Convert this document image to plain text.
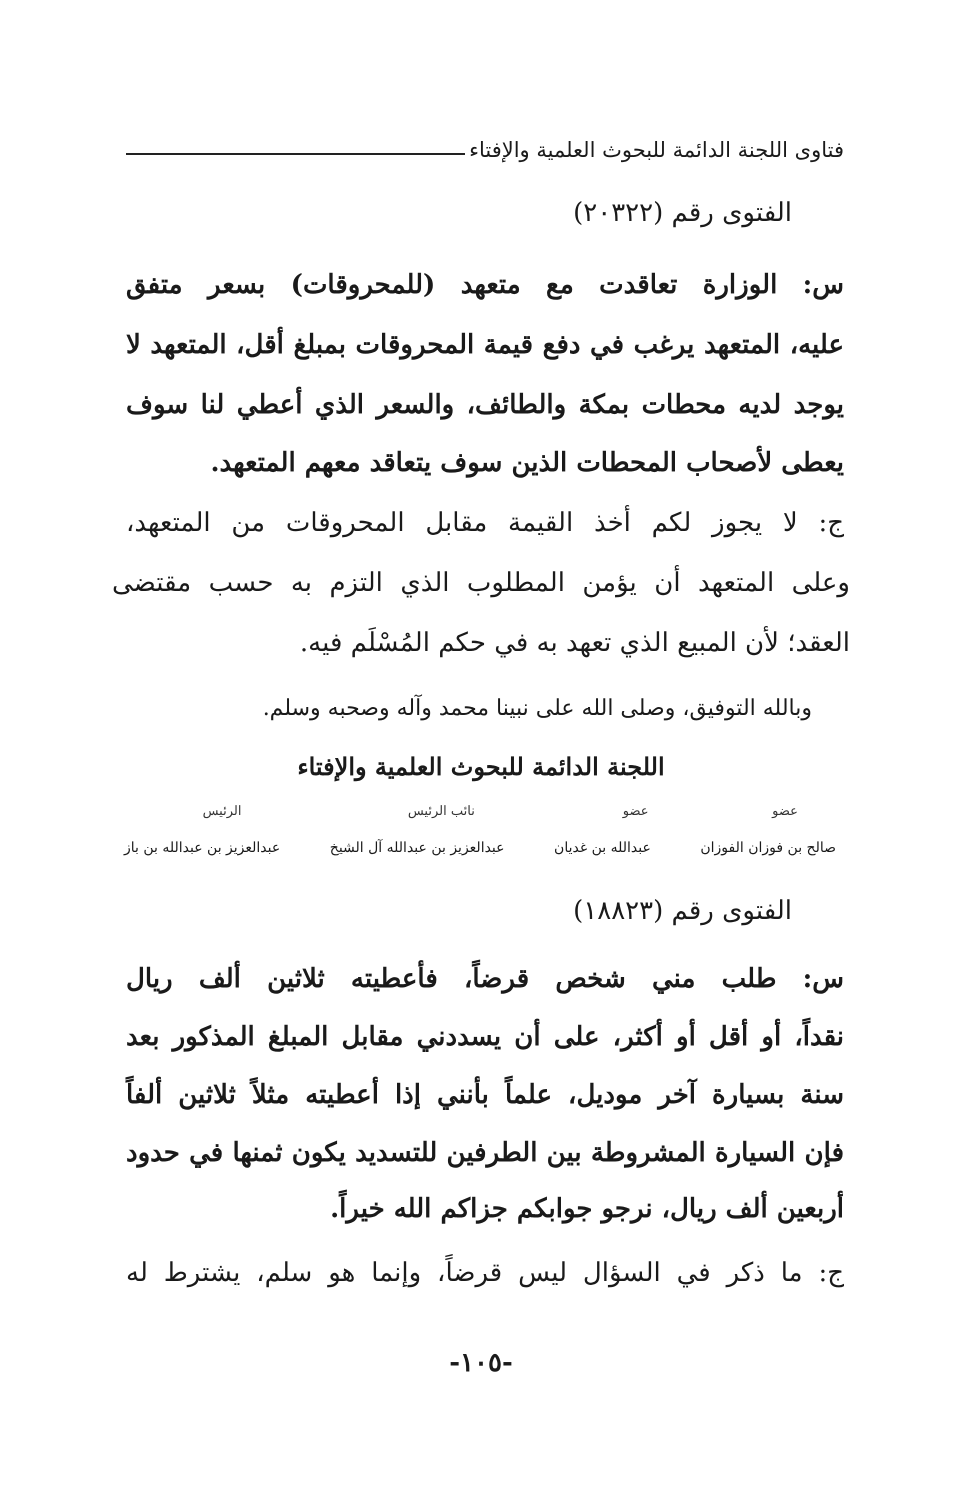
فتاوى اللجنة الدائمة للبحوث العلمية والإفتاء
الفتوى رقم (٢٠٣٢٢)
س: الوزارة تعاقدت مع متعهد (للمحروقات) بسعر متفق
عليه، المتعهد يرغب في دفع قيمة المحروقات بمبلغ أقل، المتعهد لا
يوجد لديه محطات بمكة والطائف، والسعر الذي أعطي لنا سوف
يعطى لأصحاب المحطات الذين سوف يتعاقد معهم المتعهد.
ج: لا يجوز لكم أخذ القيمة مقابل المحروقات من المتعهد،
وعلى المتعهد أن يؤمن المطلوب الذي التزم به حسب مقتضى
العقد؛ لأن المبيع الذي تعهد به في حكم المُسْلَم فيه.
وبالله التوفيق، وصلى الله على نبينا محمد وآله وصحبه وسلم.
اللجنة الدائمة للبحوث العلمية والإفتاء
عضو
عضو
نائب الرئيس
الرئيس
صالح بن فوزان الفوزان
عبدالله بن غديان
عبدالعزيز بن عبدالله آل الشيخ
عبدالعزيز بن عبدالله بن باز
الفتوى رقم (١٨٨٢٣)
س: طلب مني شخص قرضاً، فأعطيته ثلاثين ألف ريال
نقداً، أو أقل أو أكثر، على أن يسددني مقابل المبلغ المذكور بعد
سنة بسيارة آخر موديل، علماً بأنني إذا أعطيته مثلاً ثلاثين ألفاً
فإن السيارة المشروطة بين الطرفين للتسديد يكون ثمنها في حدود
أربعين ألف ريال، نرجو جوابكم جزاكم الله خيراً.
ج: ما ذكر في السؤال ليس قرضاً، وإنما هو سلم، يشترط له
-١٠٥-
